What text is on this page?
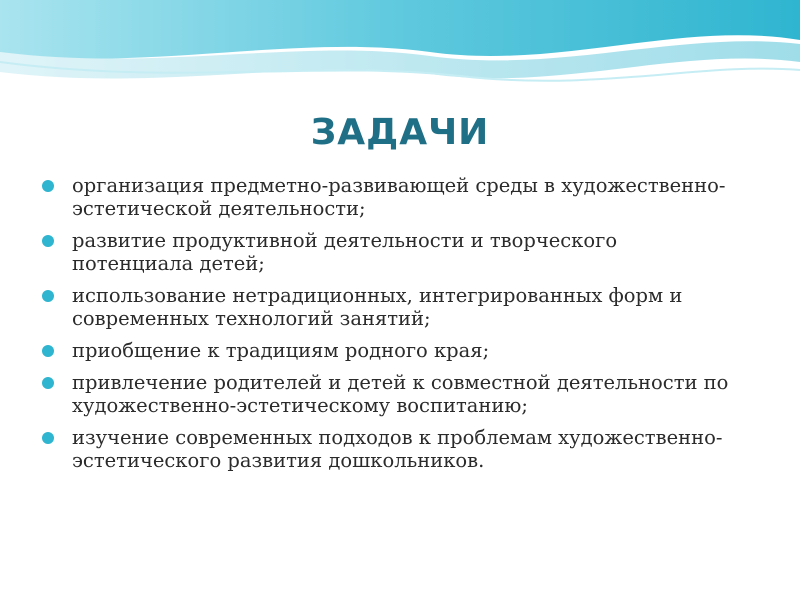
ЗАДАЧИ
организация предметно-развивающей среды в художественно-эстетической деятельности;
развитие продуктивной деятельности и творческого потенциала детей;
использование нетрадиционных, интегрированных форм и современных технологий занятий;
приобщение к традициям родного края;
привлечение родителей и детей к совместной деятельности по художественно-эстетическому воспитанию;
изучение современных подходов к проблемам художественно-эстетического развития дошкольников.
